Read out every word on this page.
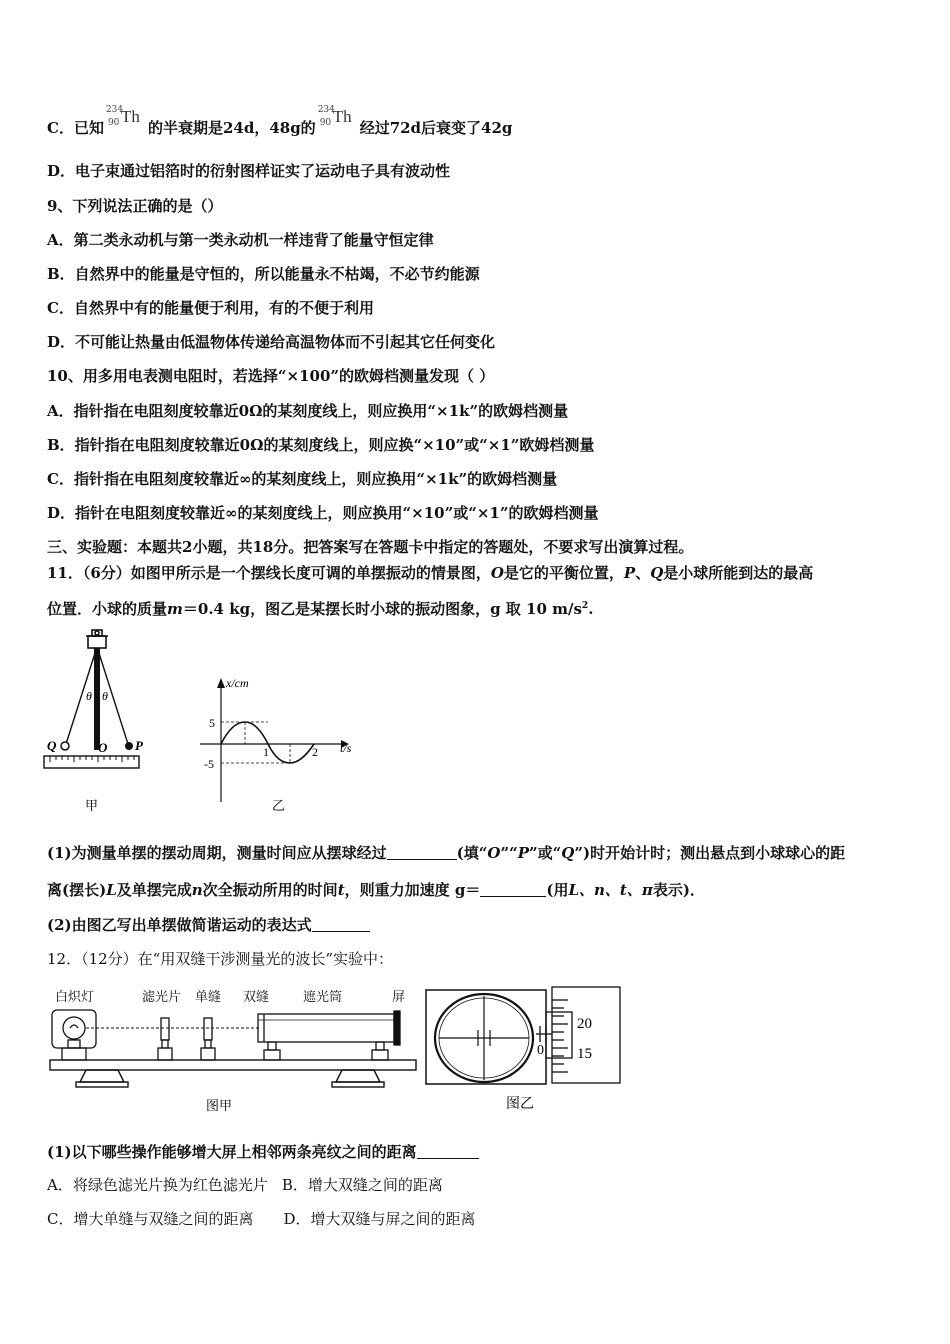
C．已知
234
90 Th
的半衰期是24d，48g的
234
90 Th
经过72d后衰变了42g
D．电子束通过铝箔时的衍射图样证实了运动电子具有波动性
9、下列说法正确的是（）
A．第二类永动机与第一类永动机一样违背了能量守恒定律
B．自然界中的能量是守恒的，所以能量永不枯竭，不必节约能源
C．自然界中有的能量便于利用，有的不便于利用
D．不可能让热量由低温物体传递给高温物体而不引起其它任何变化
10、用多用电表测电阻时，若选择“×100”的欧姆档测量发现（ ）
A．指针指在电阻刻度较靠近0Ω的某刻度线上，则应换用“×1k”的欧姆档测量
B．指针指在电阻刻度较靠近0Ω的某刻度线上，则应换“×10”或“×1”欧姆档测量
C．指针指在电阻刻度较靠近∞的某刻度线上，则应换用“×1k”的欧姆档测量
D．指针在电阻刻度较靠近∞的某刻度线上，则应换用“×10”或“×1”的欧姆档测量
三、实验题：本题共2小题，共18分。把答案写在答题卡中指定的答题处，不要求写出演算过程。
11．（6分）如图甲所示是一个摆线长度可调的单摆振动的情景图，O是它的平衡位置，P、Q是小球所能到达的最高
位置．小球的质量m＝0.4 kg，图乙是某摆长时小球的振动图象，g 取 10 $m/s^2$.
θ θ
Q	O P
甲
x/cm
t/s
5
-5
1	2
乙
(1)为测量单摆的摆动周期，测量时间应从摆球经过	(填“O”“P”或“Q”)时开始计时；测出悬点到小球球心的距
离(摆长)L及单摆完成n次全振动所用的时间t，则重力加速度 g＝	(用L、n、t、π表示)．
(2)由图乙写出单摆做简谐运动的表达式
12．（12分）在“用双缝干涉测量光的波长”实验中：
白炽灯	滤光片 单缝 双缝	遮光筒	屏
图甲
20
15
0
图乙
(1)以下哪些操作能够增大屏上相邻两条亮纹之间的距离
A．将绿色滤光片换为红色滤光片 B．增大双缝之间的距离
C．增大单缝与双缝之间的距离 D．增大双缝与屏之间的距离
